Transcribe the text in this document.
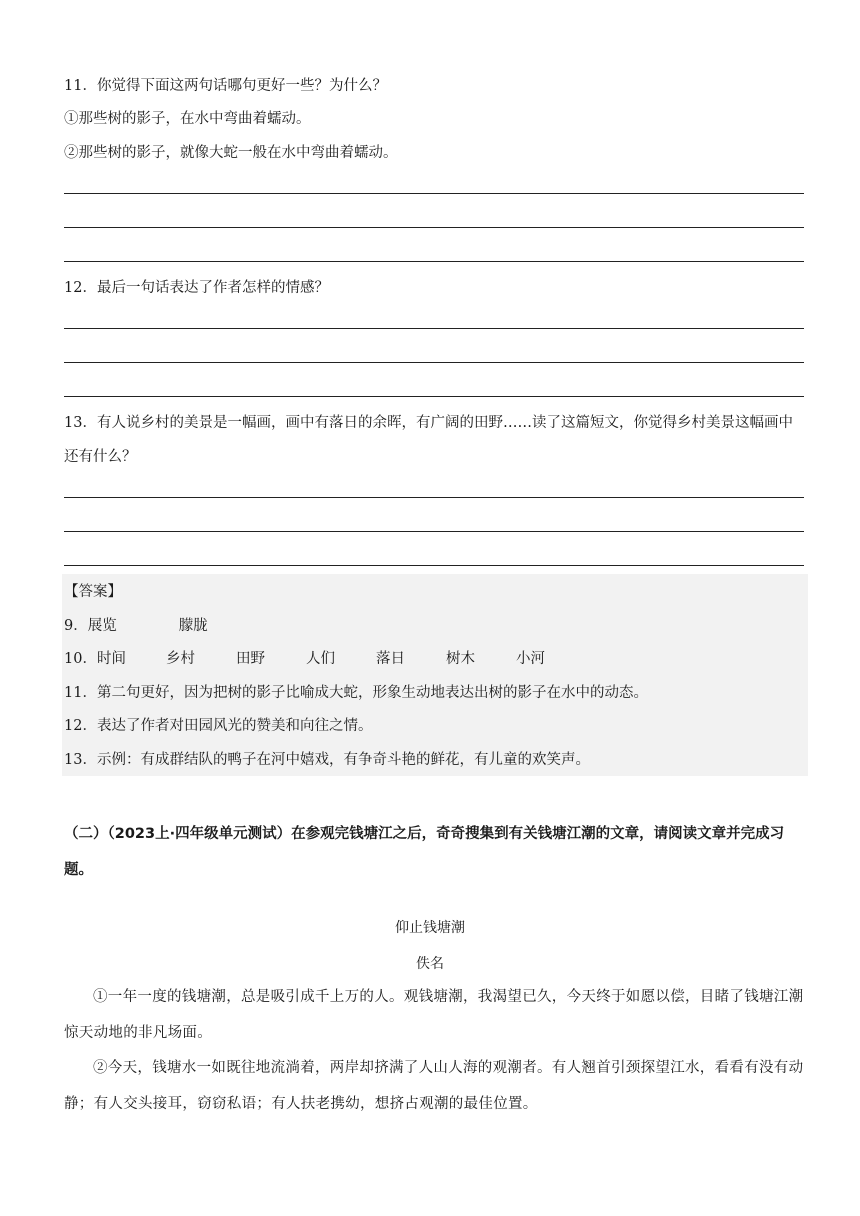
11．你觉得下面这两句话哪句更好一些？为什么？
①那些树的影子，在水中弯曲着蠕动。
②那些树的影子，就像大蛇一般在水中弯曲着蠕动。
12．最后一句话表达了作者怎样的情感？
13．有人说乡村的美景是一幅画，画中有落日的余晖，有广阔的田野……读了这篇短文，你觉得乡村美景这幅画中还有什么？
【答案】
9．展览	朦胧
10．时间	乡村	田野	人们	落日	树木	小河
11．第二句更好，因为把树的影子比喻成大蛇，形象生动地表达出树的影子在水中的动态。
12．表达了作者对田园风光的赞美和向往之情。
13．示例：有成群结队的鸭子在河中嬉戏，有争奇斗艳的鲜花，有儿童的欢笑声。
（二）（2023上·四年级单元测试）在参观完钱塘江之后，奇奇搜集到有关钱塘江潮的文章，请阅读文章并完成习题。
仰止钱塘潮
佚名
①一年一度的钱塘潮，总是吸引成千上万的人。观钱塘潮，我渴望已久，今天终于如愿以偿，目睹了钱塘江潮惊天动地的非凡场面。
②今天，钱塘水一如既往地流淌着，两岸却挤满了人山人海的观潮者。有人翘首引颈探望江水，看看有没有动静；有人交头接耳，窃窃私语；有人扶老携幼，想挤占观潮的最佳位置。
